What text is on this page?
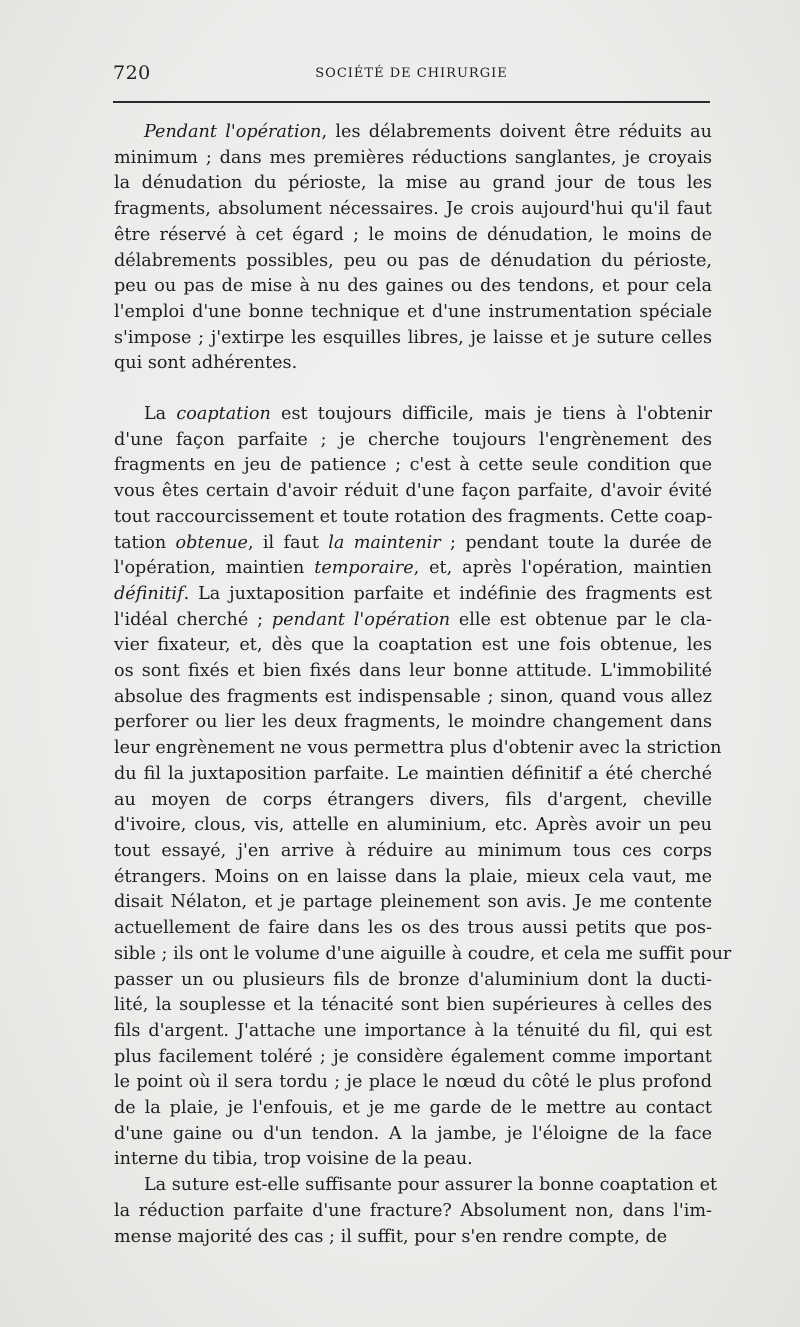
720	SOCIÉTÉ DE CHIRURGIE
Pendant l'opération, les délabrements doivent être réduits au
minimum ; dans mes premières réductions sanglantes, je croyais
la dénudation du périoste, la mise au grand jour de tous les
fragments, absolument nécessaires. Je crois aujourd'hui qu'il faut
être réservé à cet égard ; le moins de dénudation, le moins de
délabrements possibles, peu ou pas de dénudation du périoste,
peu ou pas de mise à nu des gaines ou des tendons, et pour cela
l'emploi d'une bonne technique et d'une instrumentation spéciale
s'impose ; j'extirpe les esquilles libres, je laisse et je suture celles
qui sont adhérentes.
La coaptation est toujours difficile, mais je tiens à l'obtenir
d'une façon parfaite ; je cherche toujours l'engrènement des
fragments en jeu de patience ; c'est à cette seule condition que
vous êtes certain d'avoir réduit d'une façon parfaite, d'avoir évité
tout raccourcissement et toute rotation des fragments. Cette coap-
tation obtenue, il faut la maintenir ; pendant toute la durée de
l'opération, maintien temporaire, et, après l'opération, maintien
définitif. La juxtaposition parfaite et indéfinie des fragments est
l'idéal cherché ; pendant l'opération elle est obtenue par le cla-
vier fixateur, et, dès que la coaptation est une fois obtenue, les
os sont fixés et bien fixés dans leur bonne attitude. L'immobilité
absolue des fragments est indispensable ; sinon, quand vous allez
perforer ou lier les deux fragments, le moindre changement dans
leur engrènement ne vous permettra plus d'obtenir avec la striction
du fil la juxtaposition parfaite. Le maintien définitif a été cherché
au moyen de corps étrangers divers, fils d'argent, cheville
d'ivoire, clous, vis, attelle en aluminium, etc. Après avoir un peu
tout essayé, j'en arrive à réduire au minimum tous ces corps
étrangers. Moins on en laisse dans la plaie, mieux cela vaut, me
disait Nélaton, et je partage pleinement son avis. Je me contente
actuellement de faire dans les os des trous aussi petits que pos-
sible ; ils ont le volume d'une aiguille à coudre, et cela me suffit pour
passer un ou plusieurs fils de bronze d'aluminium dont la ducti-
lité, la souplesse et la ténacité sont bien supérieures à celles des
fils d'argent. J'attache une importance à la ténuité du fil, qui est
plus facilement toléré ; je considère également comme important
le point où il sera tordu ; je place le nœud du côté le plus profond
de la plaie, je l'enfouis, et je me garde de le mettre au contact
d'une gaine ou d'un tendon. A la jambe, je l'éloigne de la face
interne du tibia, trop voisine de la peau.
La suture est-elle suffisante pour assurer la bonne coaptation et
la réduction parfaite d'une fracture? Absolument non, dans l'im-
mense majorité des cas ; il suffit, pour s'en rendre compte, de
